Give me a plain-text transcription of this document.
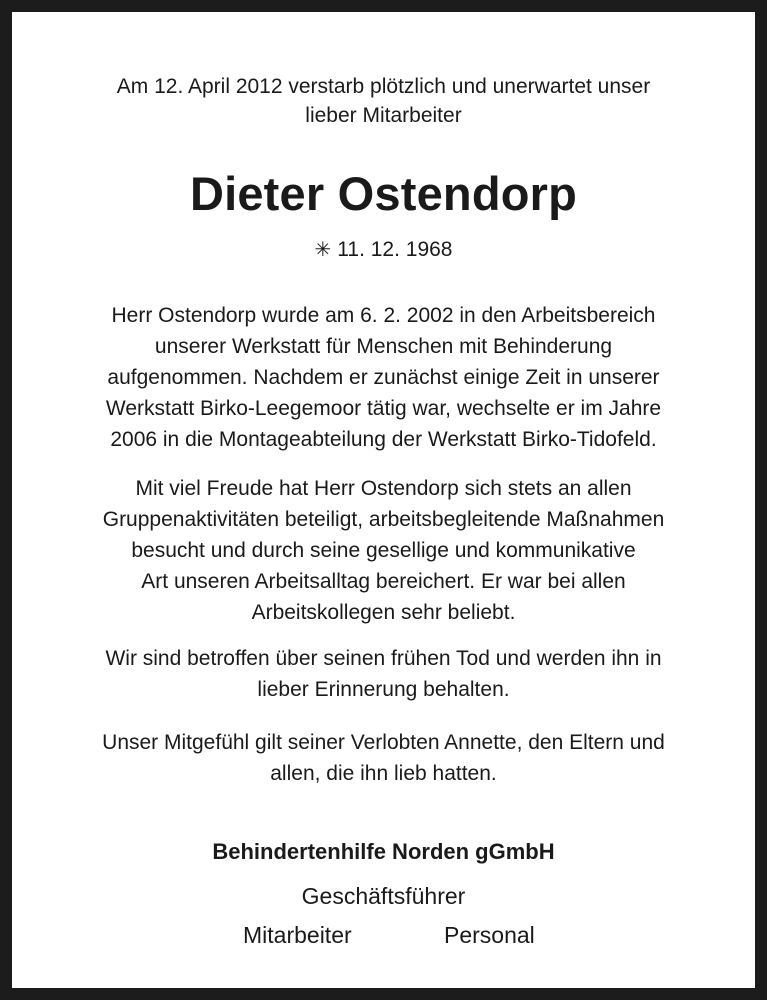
Am 12. April 2012 verstarb plötzlich und unerwartet unser
lieber Mitarbeiter
Dieter Ostendorp
✳ 11. 12. 1968
Herr Ostendorp wurde am 6. 2. 2002 in den Arbeitsbereich
unserer Werkstatt für Menschen mit Behinderung
aufgenommen. Nachdem er zunächst einige Zeit in unserer
Werkstatt Birko-Leegemoor tätig war, wechselte er im Jahre
2006 in die Montageabteilung der Werkstatt Birko-Tidofeld.
Mit viel Freude hat Herr Ostendorp sich stets an allen
Gruppenaktivitäten beteiligt, arbeitsbegleitende Maßnahmen
besucht und durch seine gesellige und kommunikative
Art unseren Arbeitsalltag bereichert. Er war bei allen
Arbeitskollegen sehr beliebt.
Wir sind betroffen über seinen frühen Tod und werden ihn in
lieber Erinnerung behalten.
Unser Mitgefühl gilt seiner Verlobten Annette, den Eltern und
allen, die ihn lieb hatten.
Behindertenhilfe Norden gGmbH
Geschäftsführer
Mitarbeiter	Personal
